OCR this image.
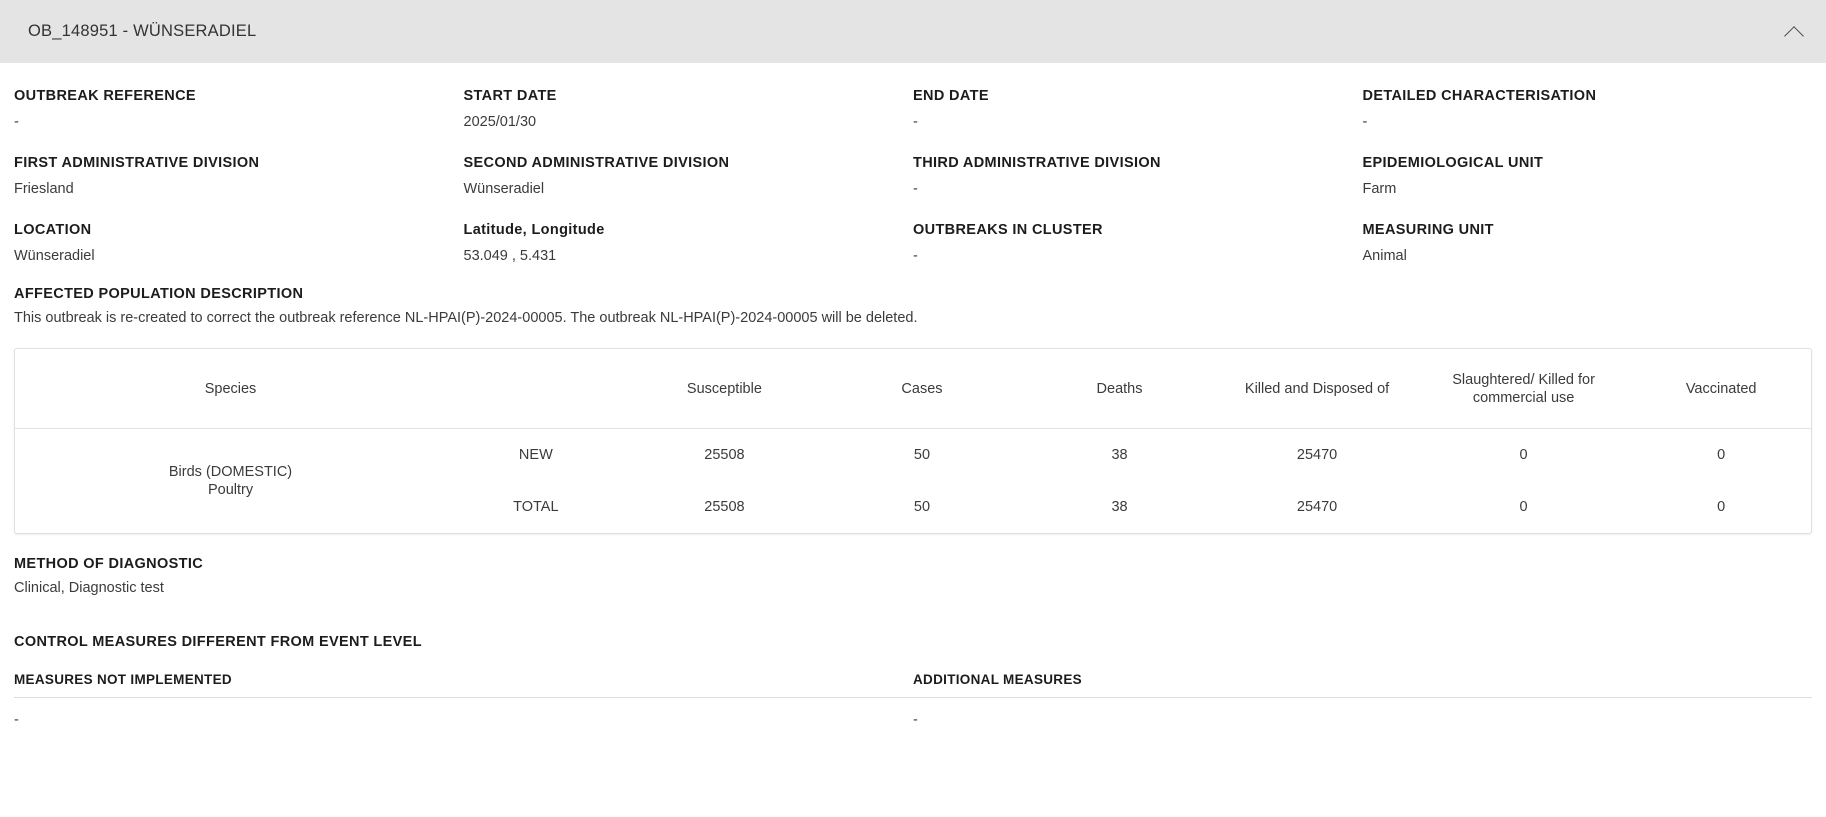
OB_148951 - WÜNSERADIEL
OUTBREAK REFERENCE
-
START DATE
2025/01/30
END DATE
-
DETAILED CHARACTERISATION
-
FIRST ADMINISTRATIVE DIVISION
Friesland
SECOND ADMINISTRATIVE DIVISION
Wünseradiel
THIRD ADMINISTRATIVE DIVISION
-
EPIDEMIOLOGICAL UNIT
Farm
LOCATION
Wünseradiel
Latitude, Longitude
53.049 , 5.431
OUTBREAKS IN CLUSTER
-
MEASURING UNIT
Animal
AFFECTED POPULATION DESCRIPTION
This outbreak is re-created to correct the outbreak reference NL-HPAI(P)-2024-00005. The outbreak NL-HPAI(P)-2024-00005 will be deleted.
Species		Susceptible	Cases	Deaths	Killed and Disposed of	Slaughtered/ Killed for commercial use	Vaccinated

Birds (DOMESTIC)
Poultry	NEW	25508	50	38	25470	0	0
	TOTAL	25508	50	38	25470	0	0
METHOD OF DIAGNOSTIC
Clinical, Diagnostic test
CONTROL MEASURES DIFFERENT FROM EVENT LEVEL
MEASURES NOT IMPLEMENTED	ADDITIONAL MEASURES
-	-
